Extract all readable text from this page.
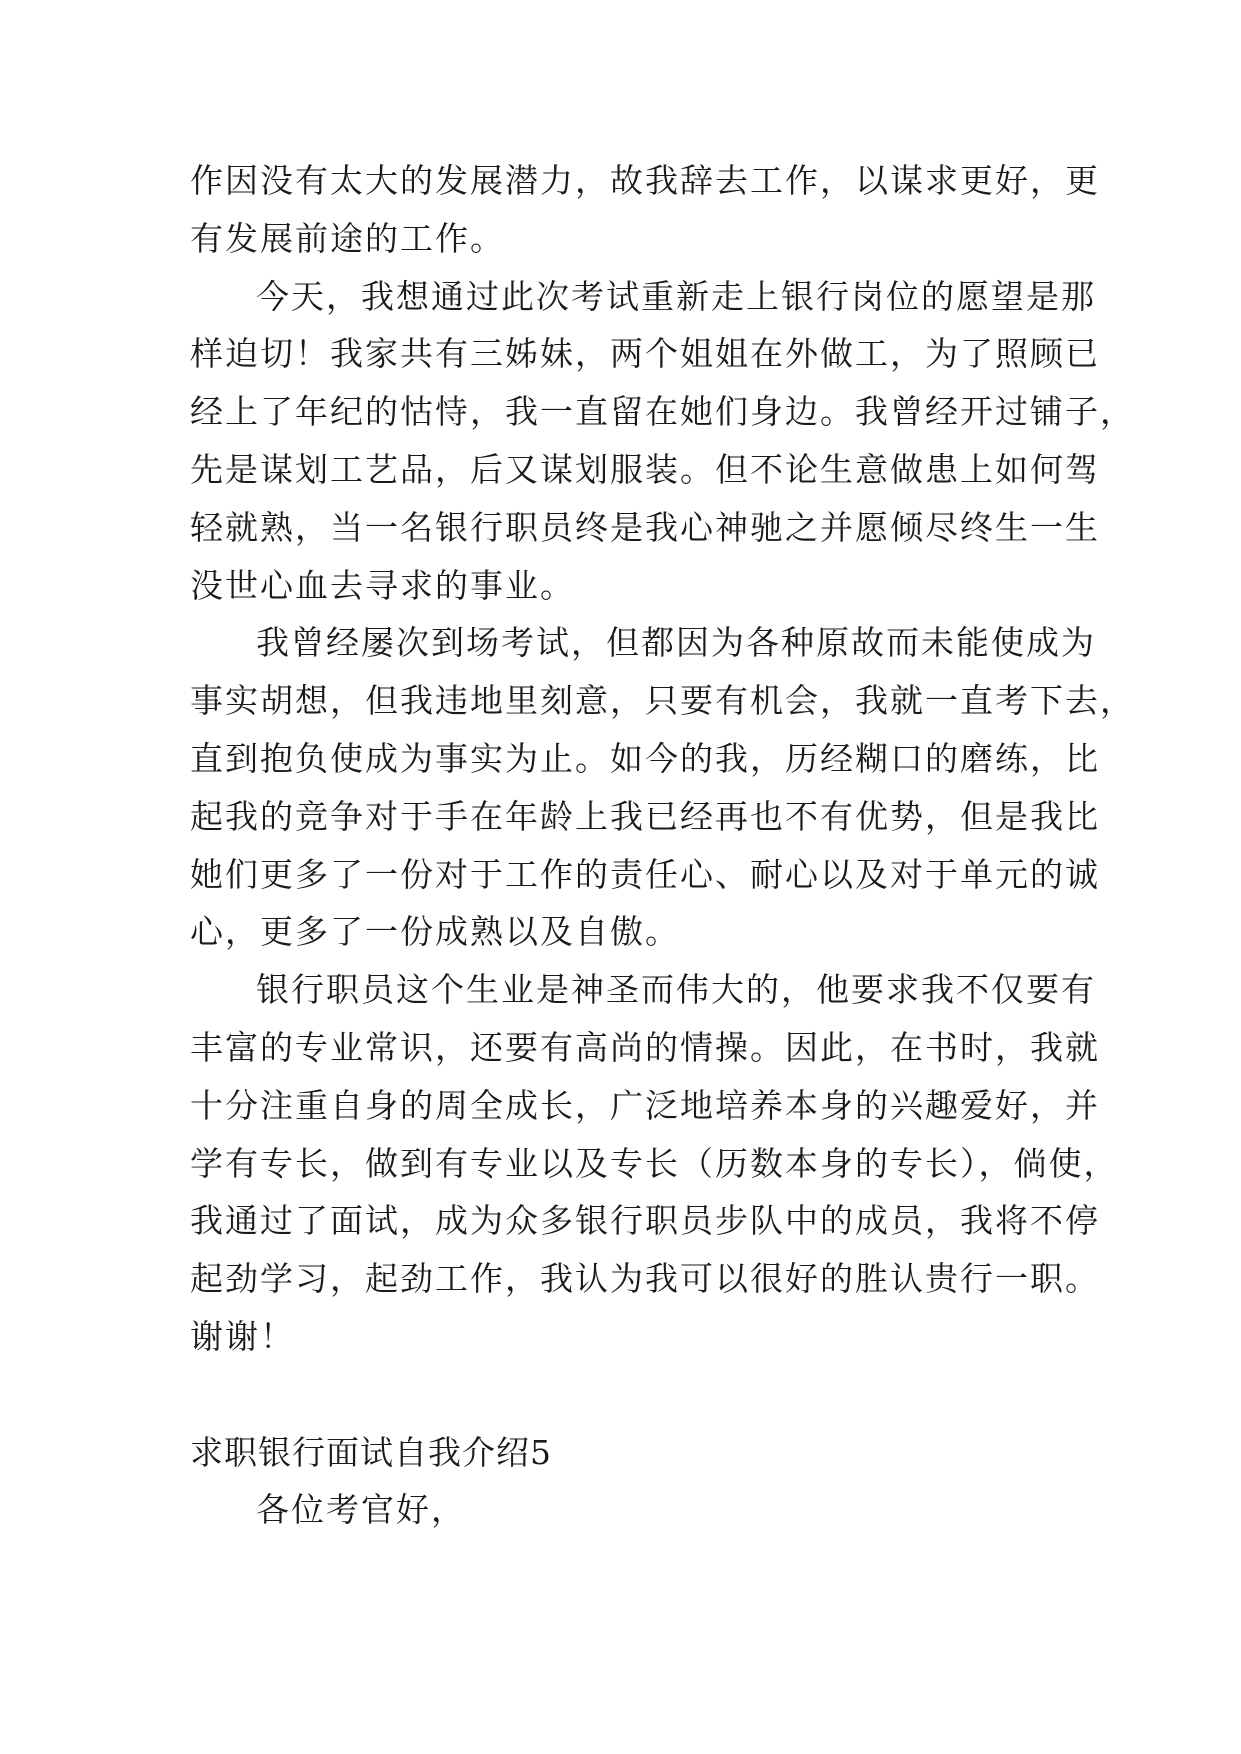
作因没有太大的发展潜力，故我辞去工作，以谋求更好，更
有发展前途的工作。
今天，我想通过此次考试重新走上银行岗位的愿望是那
样迫切！我家共有三姊妹，两个姐姐在外做工，为了照顾已
经上了年纪的怙恃，我一直留在她们身边。我曾经开过铺子，
先是谋划工艺品，后又谋划服装。但不论生意做患上如何驾
轻就熟，当一名银行职员终是我心神驰之并愿倾尽终生一生
没世心血去寻求的事业。
我曾经屡次到场考试，但都因为各种原故而未能使成为
事实胡想，但我违地里刻意，只要有机会，我就一直考下去，
直到抱负使成为事实为止。如今的我，历经糊口的磨练，比
起我的竞争对于手在年龄上我已经再也不有优势，但是我比
她们更多了一份对于工作的责任心、耐心以及对于单元的诚
心，更多了一份成熟以及自傲。
银行职员这个生业是神圣而伟大的，他要求我不仅要有
丰富的专业常识，还要有高尚的情操。因此，在书时，我就
十分注重自身的周全成长，广泛地培养本身的兴趣爱好，并
学有专长，做到有专业以及专长（历数本身的专长），倘使，
我通过了面试，成为众多银行职员步队中的成员，我将不停
起劲学习，起劲工作，我认为我可以很好的胜认贵行一职。
谢谢！
求职银行面试自我介绍5
各位考官好，
